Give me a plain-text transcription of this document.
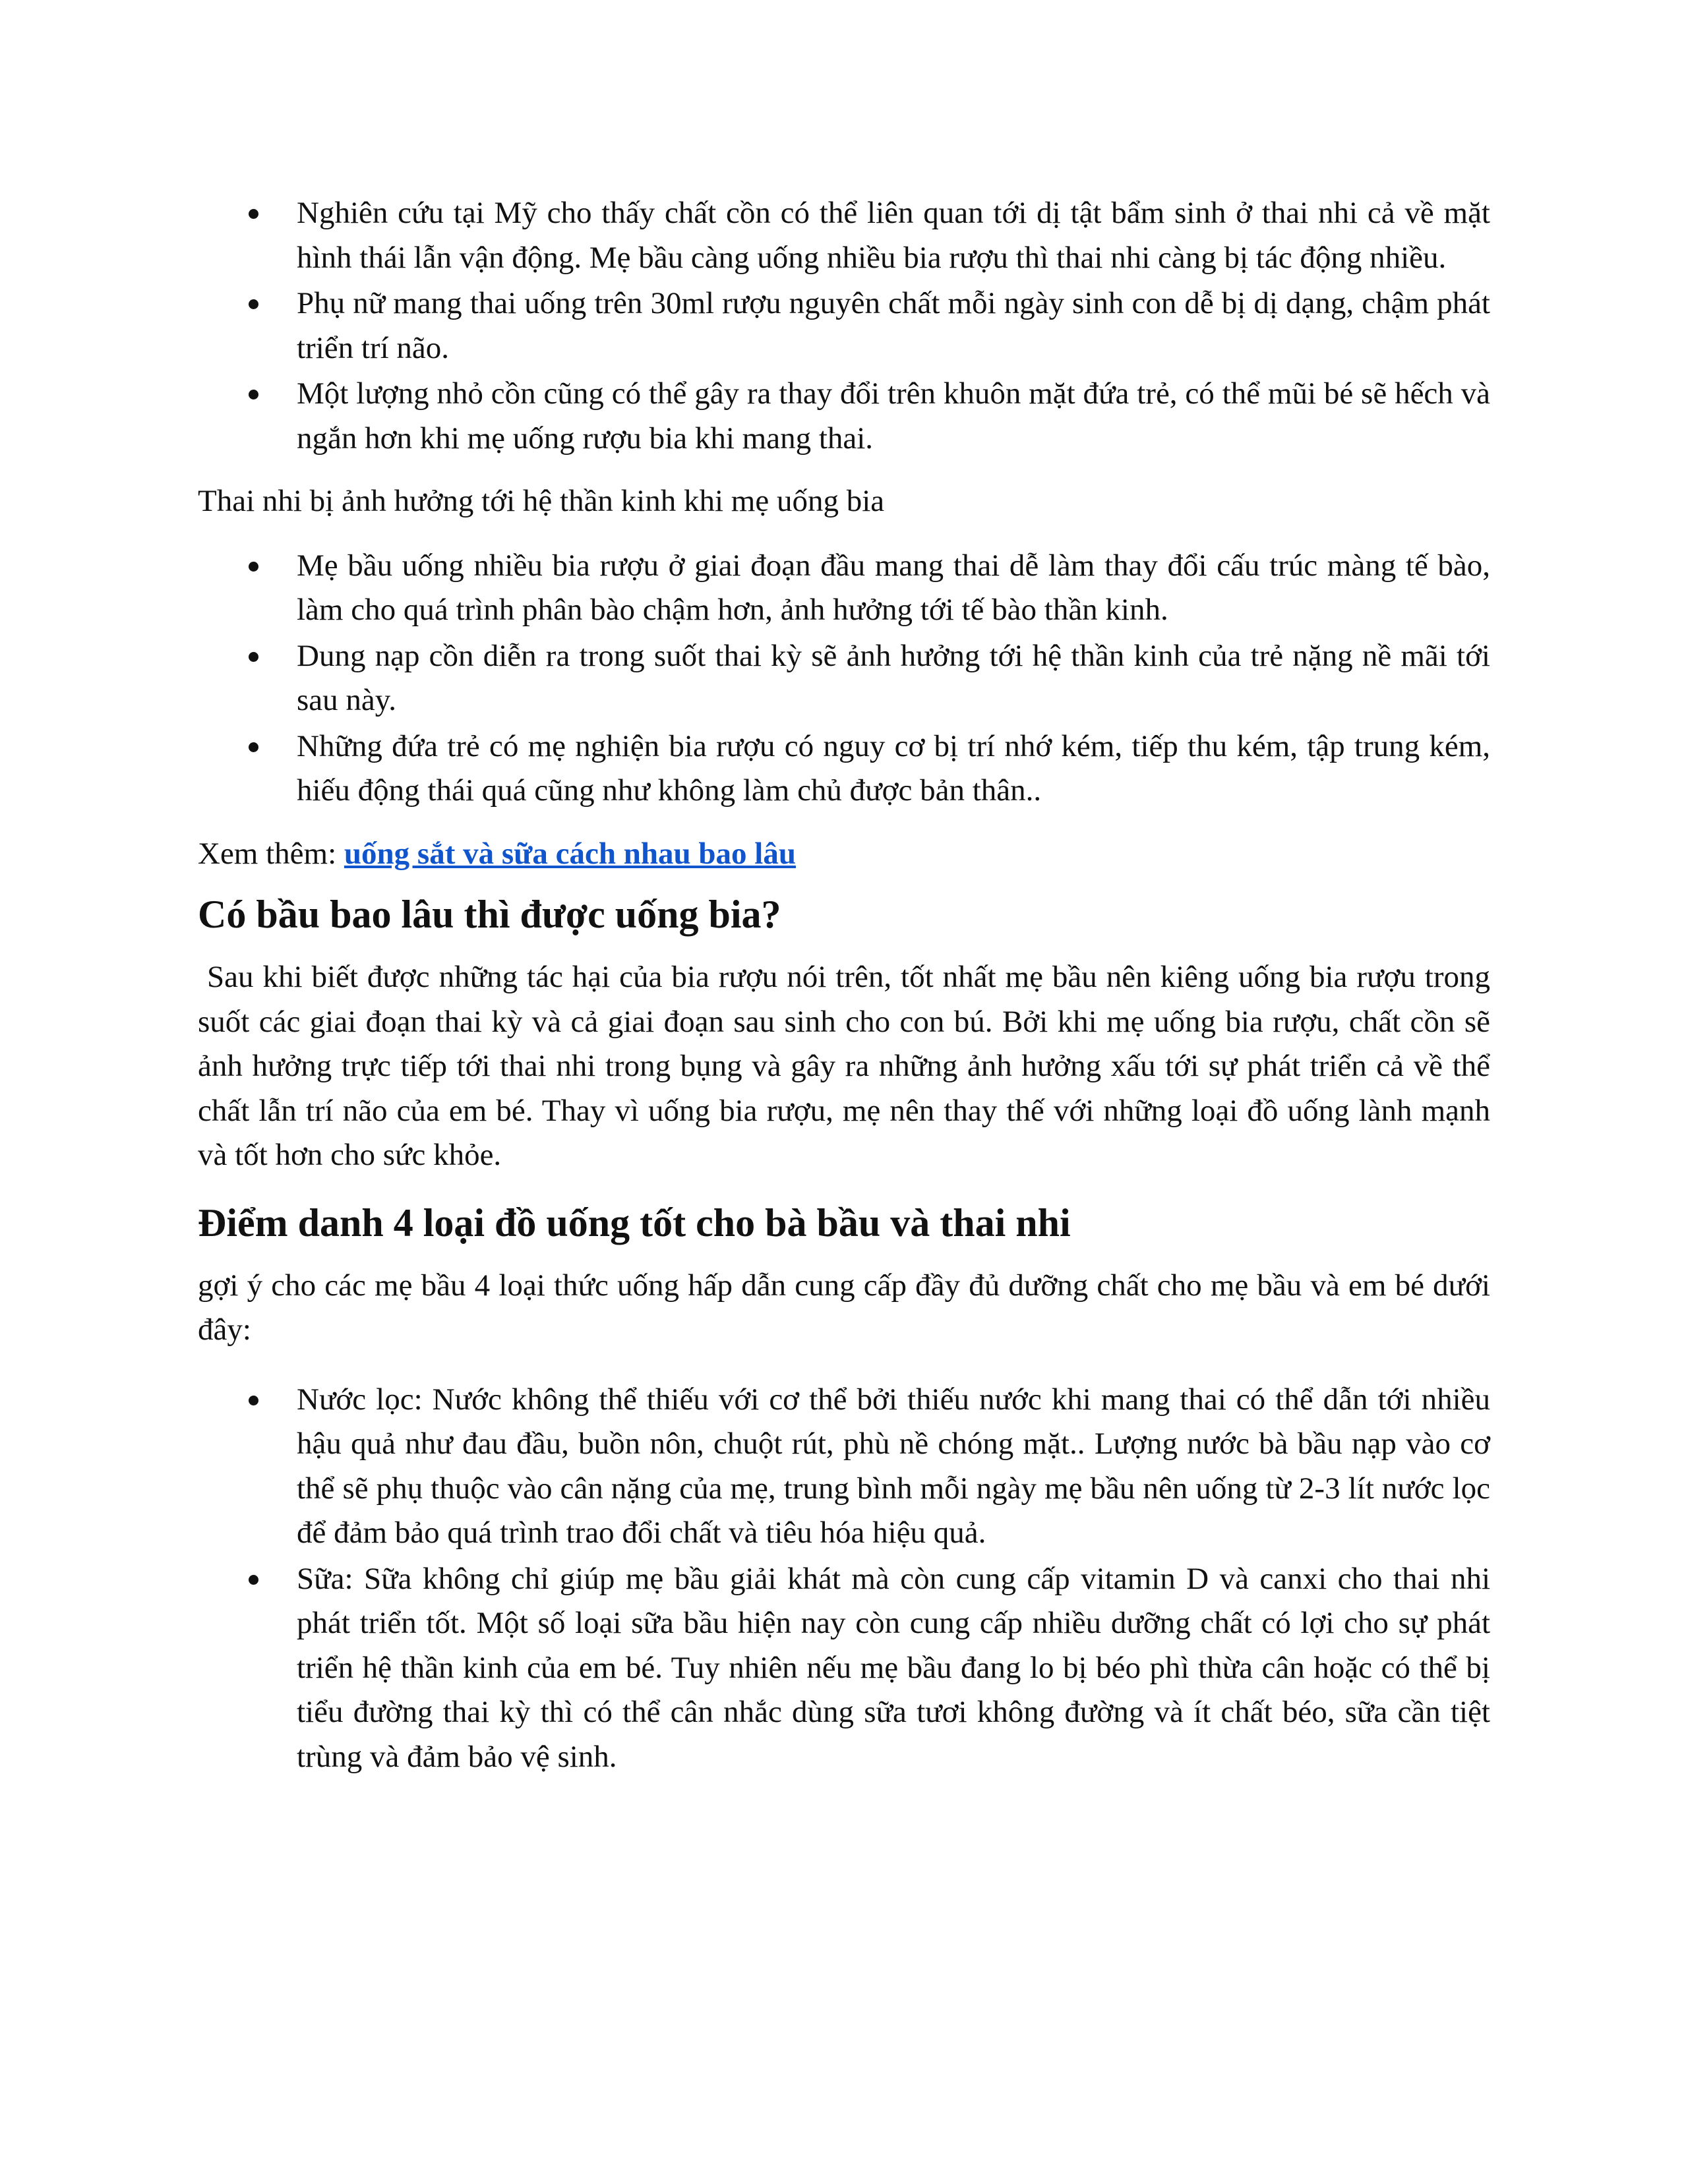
Nghiên cứu tại Mỹ cho thấy chất cồn có thể liên quan tới dị tật bẩm sinh ở thai nhi cả về mặt hình thái lẫn vận động. Mẹ bầu càng uống nhiều bia rượu thì thai nhi càng bị tác động nhiều.
Phụ nữ mang thai uống trên 30ml rượu nguyên chất mỗi ngày sinh con dễ bị dị dạng, chậm phát triển trí não.
Một lượng nhỏ cồn cũng có thể gây ra thay đổi trên khuôn mặt đứa trẻ, có thể mũi bé sẽ hếch và ngắn hơn khi mẹ uống rượu bia khi mang thai.

Thai nhi bị ảnh hưởng tới hệ thần kinh khi mẹ uống bia

Mẹ bầu uống nhiều bia rượu ở giai đoạn đầu mang thai dễ làm thay đổi cấu trúc màng tế bào, làm cho quá trình phân bào chậm hơn, ảnh hưởng tới tế bào thần kinh.
Dung nạp cồn diễn ra trong suốt thai kỳ sẽ ảnh hưởng tới hệ thần kinh của trẻ nặng nề mãi tới sau này.
Những đứa trẻ có mẹ nghiện bia rượu có nguy cơ bị trí nhớ kém, tiếp thu kém, tập trung kém, hiếu động thái quá cũng như không làm chủ được bản thân..

Xem thêm: uống sắt và sữa cách nhau bao lâu

Có bầu bao lâu thì được uống bia?

Sau khi biết được những tác hại của bia rượu nói trên, tốt nhất mẹ bầu nên kiêng uống bia rượu trong suốt các giai đoạn thai kỳ và cả giai đoạn sau sinh cho con bú. Bởi khi mẹ uống bia rượu, chất cồn sẽ ảnh hưởng trực tiếp tới thai nhi trong bụng và gây ra những ảnh hưởng xấu tới sự phát triển cả về thể chất lẫn trí não của em bé. Thay vì uống bia rượu, mẹ nên thay thế với những loại đồ uống lành mạnh và tốt hơn cho sức khỏe.

Điểm danh 4 loại đồ uống tốt cho bà bầu và thai nhi

gợi ý cho các mẹ bầu 4 loại thức uống hấp dẫn cung cấp đầy đủ dưỡng chất cho mẹ bầu và em bé dưới đây:

Nước lọc: Nước không thể thiếu với cơ thể bởi thiếu nước khi mang thai có thể dẫn tới nhiều hậu quả như đau đầu, buồn nôn, chuột rút, phù nề chóng mặt.. Lượng nước bà bầu nạp vào cơ thể sẽ phụ thuộc vào cân nặng của mẹ, trung bình mỗi ngày mẹ bầu nên uống từ 2-3 lít nước lọc để đảm bảo quá trình trao đổi chất và tiêu hóa hiệu quả.
Sữa: Sữa không chỉ giúp mẹ bầu giải khát mà còn cung cấp vitamin D và canxi cho thai nhi phát triển tốt. Một số loại sữa bầu hiện nay còn cung cấp nhiều dưỡng chất có lợi cho sự phát triển hệ thần kinh của em bé. Tuy nhiên nếu mẹ bầu đang lo bị béo phì thừa cân hoặc có thể bị tiểu đường thai kỳ thì có thể cân nhắc dùng sữa tươi không đường và ít chất béo, sữa cần tiệt trùng và đảm bảo vệ sinh.
